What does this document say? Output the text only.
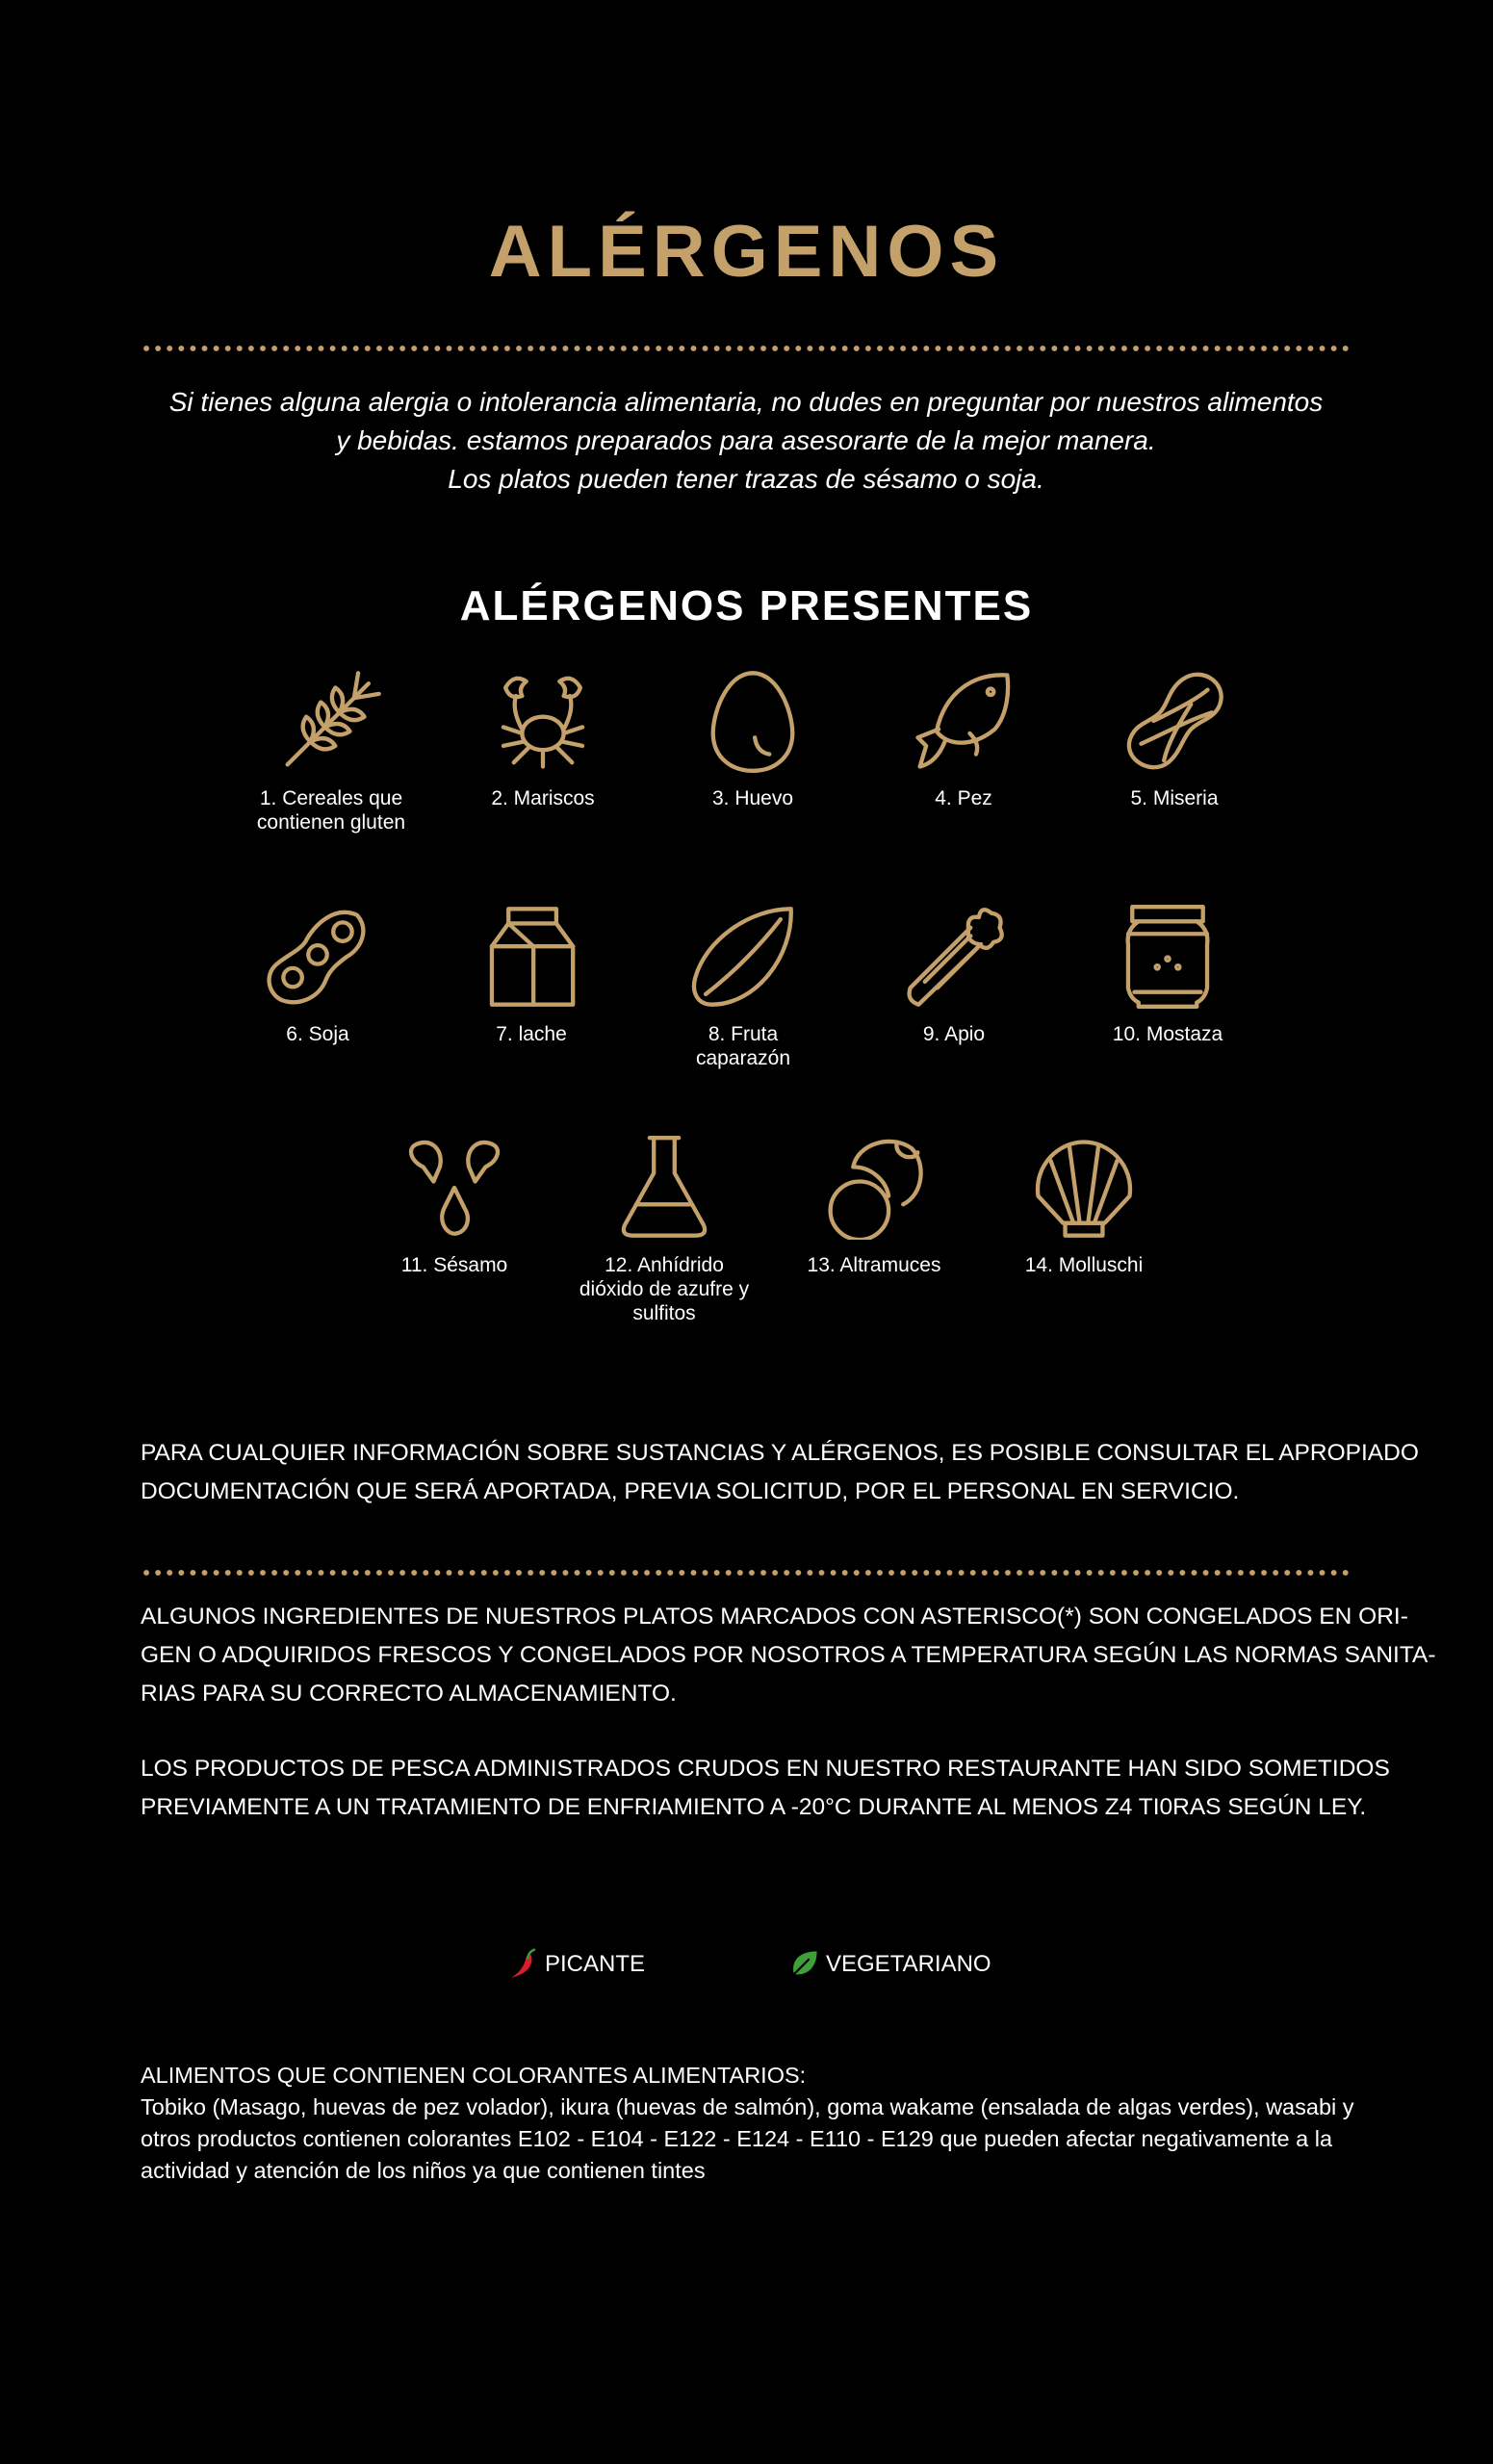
ALÉRGENOS
Si tienes alguna alergia o intolerancia alimentaria, no dudes en preguntar por nuestros alimentos
y bebidas. estamos preparados para asesorarte de la mejor manera.
Los platos pueden tener trazas de sésamo o soja.
ALÉRGENOS PRESENTES
1. Cereales que
contienen gluten
2. Mariscos	3. Huevo	4. Pez	5. Miseria
6. Soja	7. lache	8. Fruta
caparazón
9. Apio	10. Mostaza
11. Sésamo	12. Anhídrido
dióxido de azufre y
sulfitos
13. Altramuces	14. Molluschi
PARA CUALQUIER INFORMACIÓN SOBRE SUSTANCIAS Y ALÉRGENOS, ES POSIBLE CONSULTAR EL APROPIADO
DOCUMENTACIÓN QUE SERÁ APORTADA, PREVIA SOLICITUD, POR EL PERSONAL EN SERVICIO.
ALGUNOS INGREDIENTES DE NUESTROS PLATOS MARCADOS CON ASTERISCO(*) SON CONGELADOS EN ORI-
GEN O ADQUIRIDOS FRESCOS Y CONGELADOS POR NOSOTROS A TEMPERATURA SEGÚN LAS NORMAS SANITA-
RIAS PARA SU CORRECTO ALMACENAMIENTO.
LOS PRODUCTOS DE PESCA ADMINISTRADOS CRUDOS EN NUESTRO RESTAURANTE HAN SIDO SOMETIDOS
PREVIAMENTE A UN TRATAMIENTO DE ENFRIAMIENTO A -20°C DURANTE AL MENOS Z4 TI0RAS SEGÚN LEY.
PICANTE	VEGETARIANO
ALIMENTOS QUE CONTIENEN COLORANTES ALIMENTARIOS:
Tobiko (Masago, huevas de pez volador), ikura (huevas de salmón), goma wakame (ensalada de algas verdes), wasabi y
otros productos contienen colorantes E102 - E104 - E122 - E124 - E110 - E129 que pueden afectar negativamente a la
actividad y atención de los niños ya que contienen tintes
